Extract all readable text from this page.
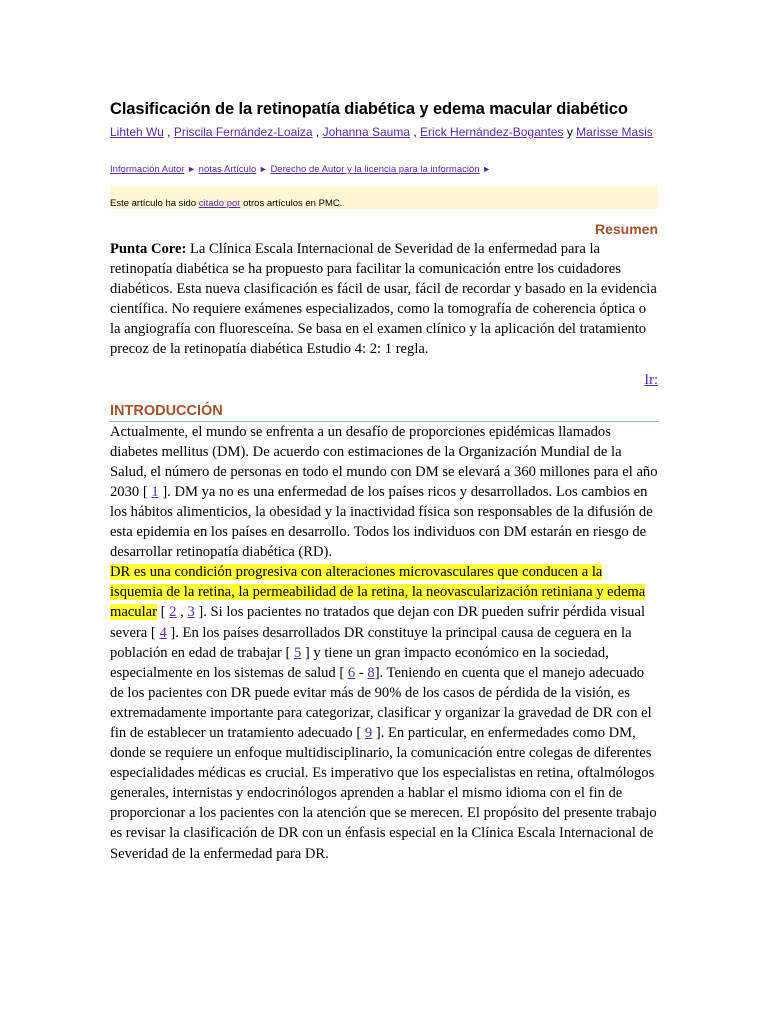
Clasificación de la retinopatía diabética y edema macular diabético
Lihteh Wu , Priscila Fernández-Loaiza , Johanna Sauma , Erick Hernández-Bogantes y Marisse Masis
Información Autor ► notas Artículo ► Derecho de Autor y la licencia para la información ►
Este artículo ha sido citado por otros artículos en PMC.
Resumen

Punta Core: La Clínica Escala Internacional de Severidad de la enfermedad para la retinopatía diabética se ha propuesto para facilitar la comunicación entre los cuidadores diabéticos. Esta nueva clasificación es fácil de usar, fácil de recordar y basado en la evidencia científica. No requiere exámenes especializados, como la tomografía de coherencia óptica o la angiografía con fluoresceína. Se basa en el examen clínico y la aplicación del tratamiento precoz de la retinopatía diabética Estudio 4: 2: 1 regla.

Ir:
INTRODUCCIÓN

Actualmente, el mundo se enfrenta a un desafío de proporciones epidémicas llamados diabetes mellitus (DM). De acuerdo con estimaciones de la Organización Mundial de la Salud, el número de personas en todo el mundo con DM se elevará a 360 millones para el año 2030 [ 1 ]. DM ya no es una enfermedad de los países ricos y desarrollados. Los cambios en los hábitos alimenticios, la obesidad y la inactividad física son responsables de la difusión de esta epidemia en los países en desarrollo. Todos los individuos con DM estarán en riesgo de desarrollar retinopatía diabética (RD).

DR es una condición progresiva con alteraciones microvasculares que conducen a la isquemia de la retina, la permeabilidad de la retina, la neovascularización retiniana y edema macular [ 2 , 3 ]. Si los pacientes no tratados que dejan con DR pueden sufrir pérdida visual severa [ 4 ]. En los países desarrollados DR constituye la principal causa de ceguera en la población en edad de trabajar [ 5 ] y tiene un gran impacto económico en la sociedad, especialmente en los sistemas de salud [ 6 - 8]. Teniendo en cuenta que el manejo adecuado de los pacientes con DR puede evitar más de 90% de los casos de pérdida de la visión, es extremadamente importante para categorizar, clasificar y organizar la gravedad de DR con el fin de establecer un tratamiento adecuado [ 9 ]. En particular, en enfermedades como DM, donde se requiere un enfoque multidisciplinario, la comunicación entre colegas de diferentes especialidades médicas es crucial. Es imperativo que los especialistas en retina, oftalmólogos generales, internistas y endocrinólogos aprenden a hablar el mismo idioma con el fin de proporcionar a los pacientes con la atención que se merecen. El propósito del presente trabajo es revisar la clasificación de DR con un énfasis especial en la Clínica Escala Internacional de Severidad de la enfermedad para DR.
